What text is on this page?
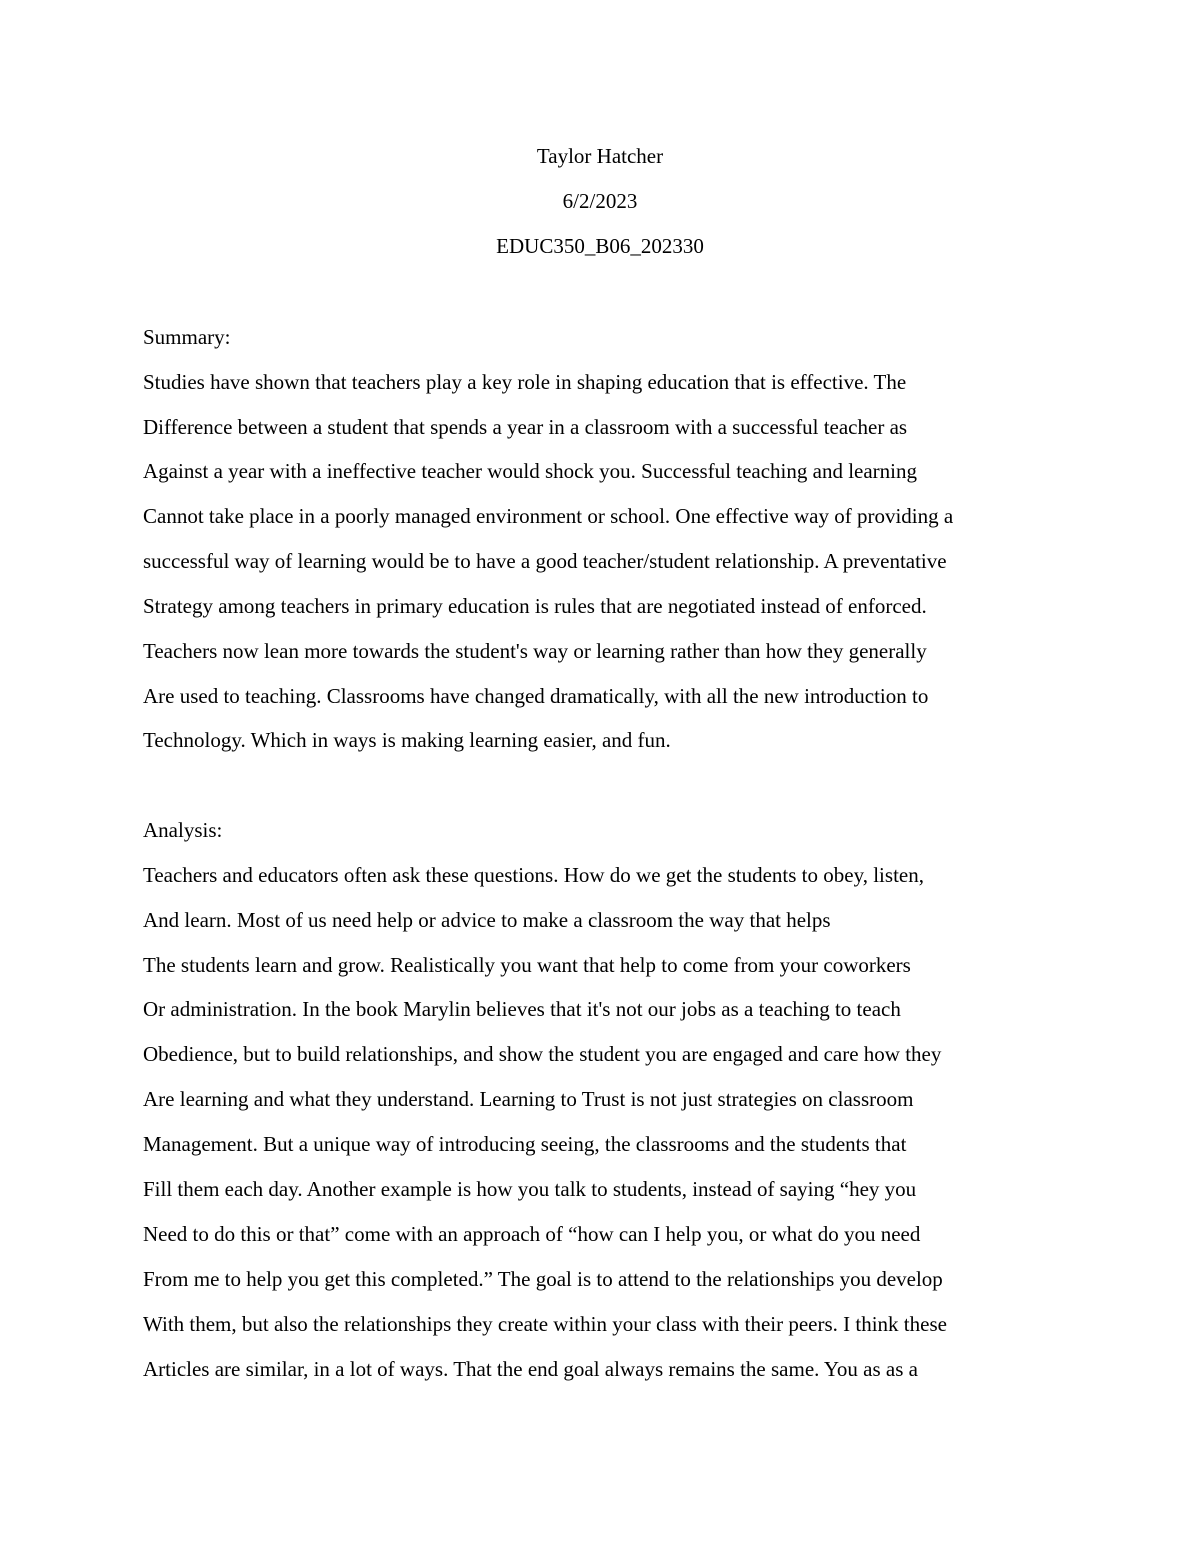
Taylor Hatcher
6/2/2023
EDUC350_B06_202330
Summary:
Studies have shown that teachers play a key role in shaping education that is effective. The
Difference between a student that spends a year in a classroom with a successful teacher as
Against a year with a ineffective teacher would shock you. Successful teaching and learning
Cannot take place in a poorly managed environment or school. One effective way of providing a
successful way of learning would be to have a good teacher/student relationship. A preventative
Strategy among teachers in primary education is rules that are negotiated instead of enforced.
Teachers now lean more towards the student's way or learning rather than how they generally
Are used to teaching. Classrooms have changed dramatically, with all the new introduction to
Technology. Which in ways is making learning easier, and fun.
Analysis:
Teachers and educators often ask these questions. How do we get the students to obey, listen,
And learn. Most of us need help or advice to make a classroom the way that helps
The students learn and grow. Realistically you want that help to come from your coworkers
Or administration. In the book Marylin believes that it's not our jobs as a teaching to teach
Obedience, but to build relationships, and show the student you are engaged and care how they
Are learning and what they understand. Learning to Trust is not just strategies on classroom
Management. But a unique way of introducing seeing, the classrooms and the students that
Fill them each day. Another example is how you talk to students, instead of saying “hey you
Need to do this or that” come with an approach of “how can I help you, or what do you need
From me to help you get this completed.” The goal is to attend to the relationships you develop
With them, but also the relationships they create within your class with their peers. I think these
Articles are similar, in a lot of ways. That the end goal always remains the same. You as as a
